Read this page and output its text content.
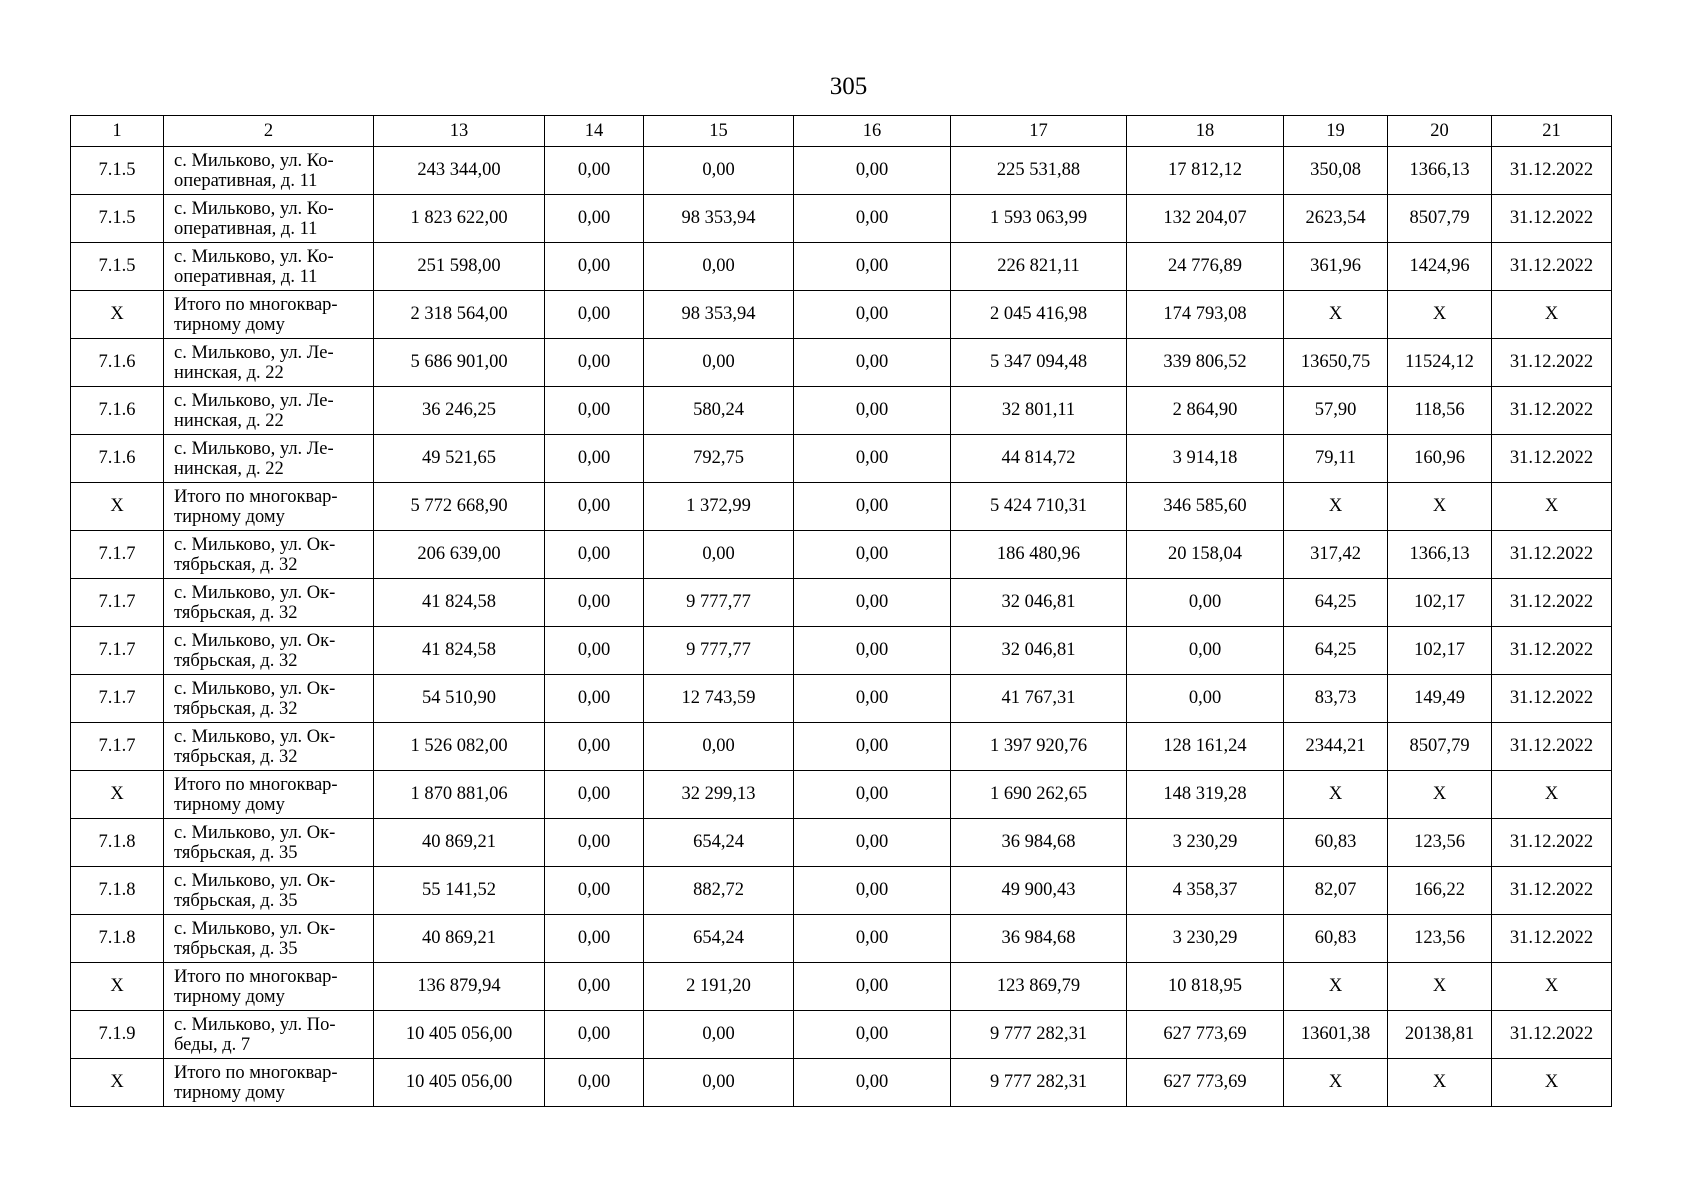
305
1	2	13	14	15	16	17	18	19	20	21
7.1.5	с. Мильково, ул. Ко-
оперативная, д. 11	243 344,00	0,00	0,00	0,00	225 531,88	17 812,12	350,08	1366,13	31.12.2022
7.1.5	с. Мильково, ул. Ко-
оперативная, д. 11	1 823 622,00	0,00	98 353,94	0,00	1 593 063,99	132 204,07	2623,54	8507,79	31.12.2022
7.1.5	с. Мильково, ул. Ко-
оперативная, д. 11	251 598,00	0,00	0,00	0,00	226 821,11	24 776,89	361,96	1424,96	31.12.2022
Х	Итого по многоквар-
тирному дому	2 318 564,00	0,00	98 353,94	0,00	2 045 416,98	174 793,08	Х	Х	Х
7.1.6	с. Мильково, ул. Ле-
нинская, д. 22	5 686 901,00	0,00	0,00	0,00	5 347 094,48	339 806,52	13650,75	11524,12	31.12.2022
7.1.6	с. Мильково, ул. Ле-
нинская, д. 22	36 246,25	0,00	580,24	0,00	32 801,11	2 864,90	57,90	118,56	31.12.2022
7.1.6	с. Мильково, ул. Ле-
нинская, д. 22	49 521,65	0,00	792,75	0,00	44 814,72	3 914,18	79,11	160,96	31.12.2022
Х	Итого по многоквар-
тирному дому	5 772 668,90	0,00	1 372,99	0,00	5 424 710,31	346 585,60	Х	Х	Х
7.1.7	с. Мильково, ул. Ок-
тябрьская, д. 32	206 639,00	0,00	0,00	0,00	186 480,96	20 158,04	317,42	1366,13	31.12.2022
7.1.7	с. Мильково, ул. Ок-
тябрьская, д. 32	41 824,58	0,00	9 777,77	0,00	32 046,81	0,00	64,25	102,17	31.12.2022
7.1.7	с. Мильково, ул. Ок-
тябрьская, д. 32	41 824,58	0,00	9 777,77	0,00	32 046,81	0,00	64,25	102,17	31.12.2022
7.1.7	с. Мильково, ул. Ок-
тябрьская, д. 32	54 510,90	0,00	12 743,59	0,00	41 767,31	0,00	83,73	149,49	31.12.2022
7.1.7	с. Мильково, ул. Ок-
тябрьская, д. 32	1 526 082,00	0,00	0,00	0,00	1 397 920,76	128 161,24	2344,21	8507,79	31.12.2022
Х	Итого по многоквар-
тирному дому	1 870 881,06	0,00	32 299,13	0,00	1 690 262,65	148 319,28	Х	Х	Х
7.1.8	с. Мильково, ул. Ок-
тябрьская, д. 35	40 869,21	0,00	654,24	0,00	36 984,68	3 230,29	60,83	123,56	31.12.2022
7.1.8	с. Мильково, ул. Ок-
тябрьская, д. 35	55 141,52	0,00	882,72	0,00	49 900,43	4 358,37	82,07	166,22	31.12.2022
7.1.8	с. Мильково, ул. Ок-
тябрьская, д. 35	40 869,21	0,00	654,24	0,00	36 984,68	3 230,29	60,83	123,56	31.12.2022
Х	Итого по многоквар-
тирному дому	136 879,94	0,00	2 191,20	0,00	123 869,79	10 818,95	Х	Х	Х
7.1.9	с. Мильково, ул. По-
беды, д. 7	10 405 056,00	0,00	0,00	0,00	9 777 282,31	627 773,69	13601,38	20138,81	31.12.2022
Х	Итого по многоквар-
тирному дому	10 405 056,00	0,00	0,00	0,00	9 777 282,31	627 773,69	Х	Х	Х
